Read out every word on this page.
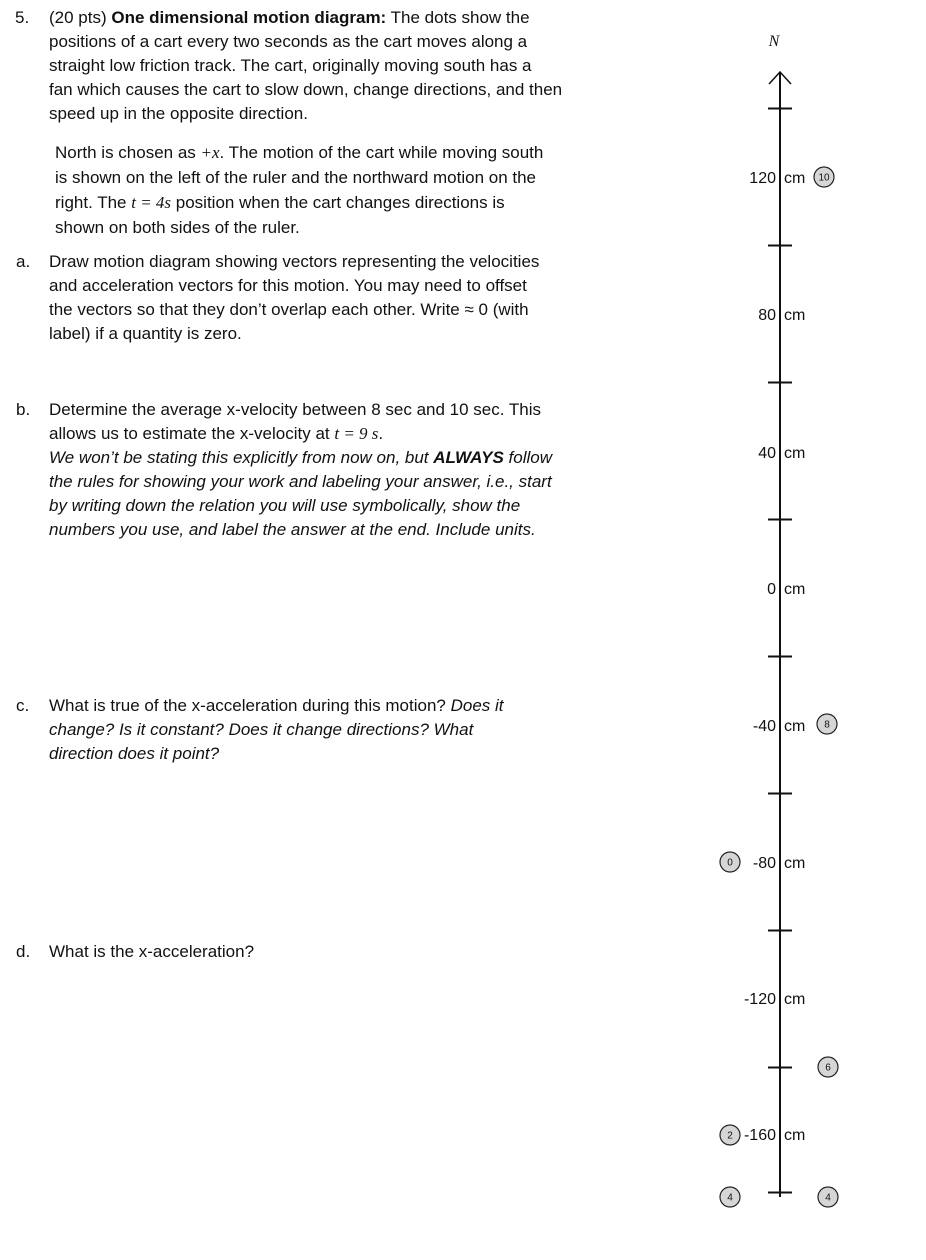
5. (20 pts) One dimensional motion diagram: The dots show the
positions of a cart every two seconds as the cart moves along a
straight low friction track. The cart, originally moving south has a
fan which causes the cart to slow down, change directions, and then
speed up in the opposite direction.
North is chosen as +x. The motion of the cart while moving south
is shown on the left of the ruler and the northward motion on the
right. The t = 4s position when the cart changes directions is
shown on both sides of the ruler.
a. Draw motion diagram showing vectors representing the velocities
and acceleration vectors for this motion. You may need to offset
the vectors so that they don’t overlap each other. Write ≈ 0 (with
label) if a quantity is zero.
b. Determine the average x-velocity between 8 sec and 10 sec. This
allows us to estimate the x-velocity at t = 9 s.
We won’t be stating this explicitly from now on, but ALWAYS follow
the rules for showing your work and labeling your answer, i.e., start
by writing down the relation you will use symbolically, show the
numbers you use, and label the answer at the end. Include units.
c. What is true of the x-acceleration during this motion? Does it
change? Is it constant? Does it change directions? What
direction does it point?
d. What is the x-acceleration?
N
120 cm
80 cm
40 cm
0 cm
-40 cm
-80 cm
-120 cm
-160 cm
0
2
4	4
6
8
10
